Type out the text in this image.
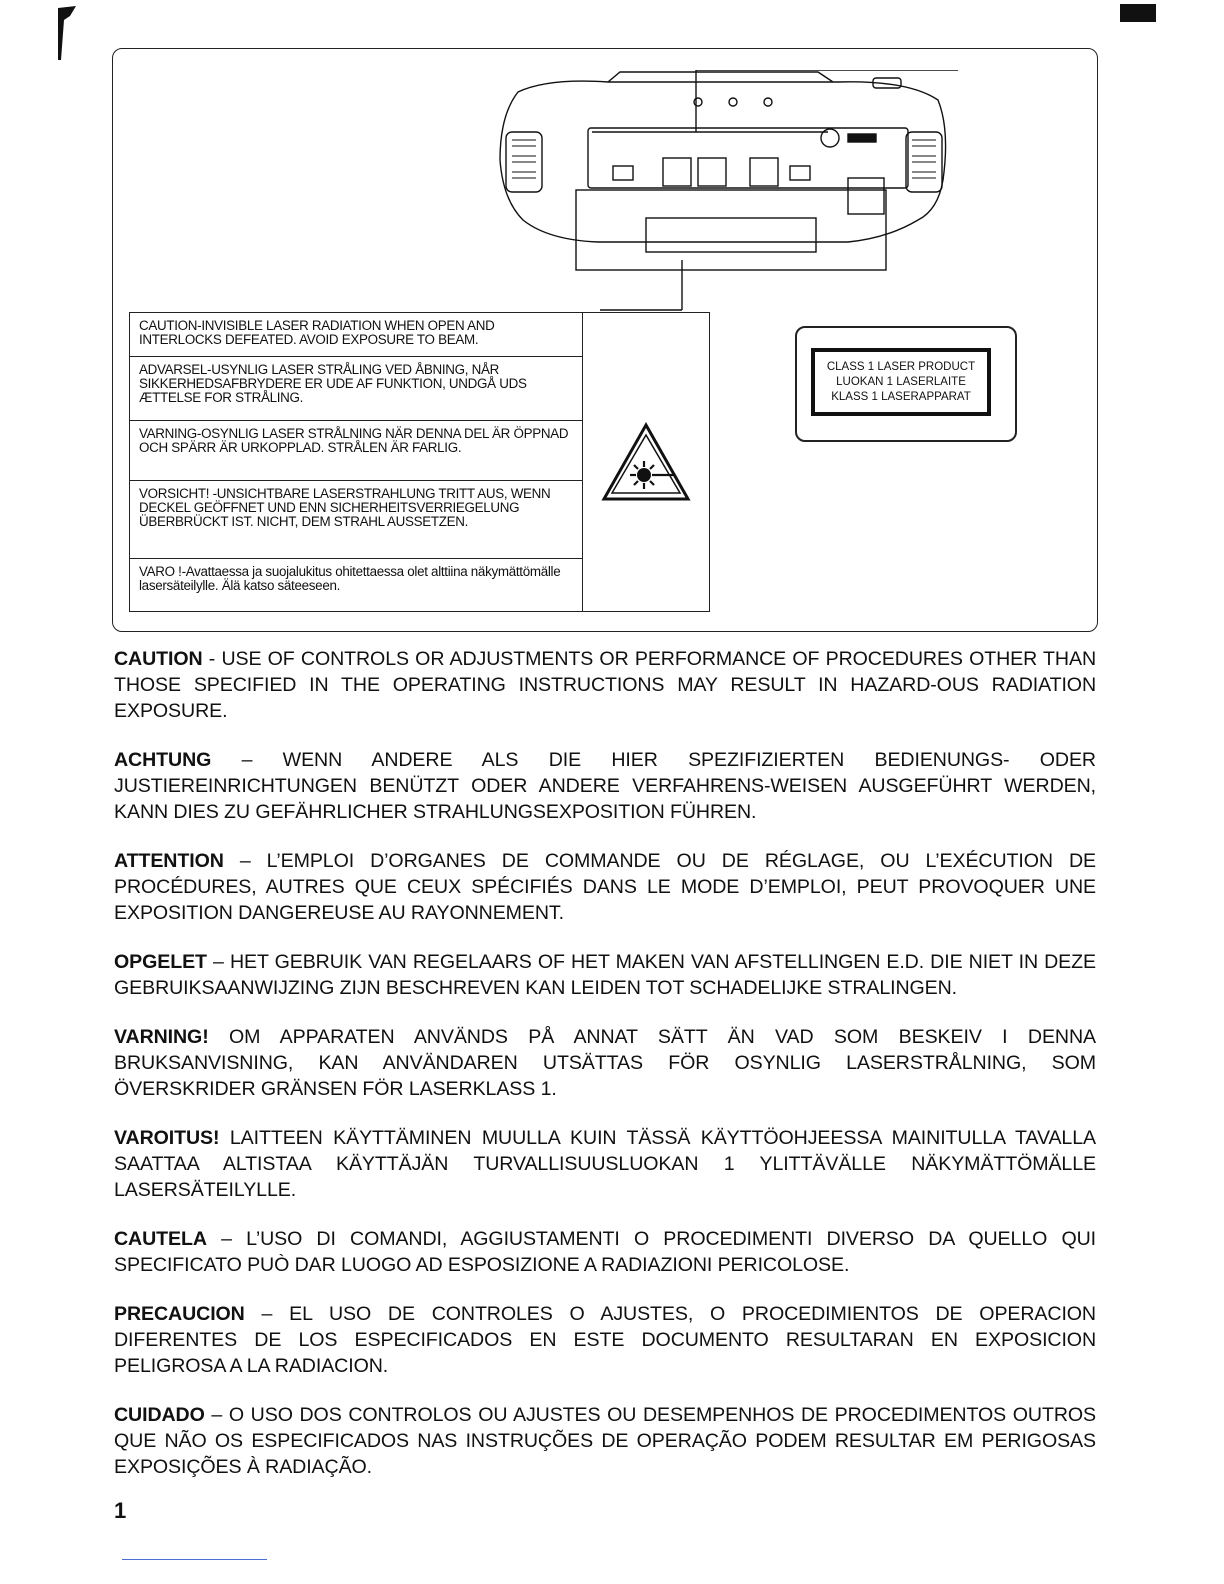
CAUTION-INVISIBLE LASER RADIATION WHEN OPEN AND INTERLOCKS DEFEATED. AVOID EXPOSURE TO BEAM.
ADVARSEL-USYNLIG LASER STRÅLING VED ÅBNING, NÅR SIKKERHEDSAFBRYDERE ER UDE AF FUNKTION, UNDGÅ UDS ÆTTELSE FOR STRÅLING.
VARNING-OSYNLIG LASER STRÅLNING NÄR DENNA DEL ÄR ÖPPNAD OCH SPÄRR ÄR URKOPPLAD. STRÅLEN ÄR FARLIG.
VORSICHT! -UNSICHTBARE LASERSTRAHLUNG TRITT AUS, WENN DECKEL GEÖFFNET UND ENN SICHERHEITSVERRIEGELUNG ÜBERBRÜCKT IST. NICHT, DEM STRAHL AUSSETZEN.
VARO !-Avattaessa ja suojalukitus ohitettaessa olet alttiina näkymättömälle lasersäteilylle. Älä katso säteeseen.
CLASS 1 LASER PRODUCT
LUOKAN 1 LASERLAITE
KLASS 1 LASERAPPARAT

CAUTION - USE OF CONTROLS OR ADJUSTMENTS OR PERFORMANCE OF PROCEDURES OTHER THAN THOSE SPECIFIED IN THE OPERATING INSTRUCTIONS MAY RESULT IN HAZARD-OUS RADIATION EXPOSURE.

ACHTUNG – WENN ANDERE ALS DIE HIER SPEZIFIZIERTEN BEDIENUNGS- ODER JUSTIEREINRICHTUNGEN BENÜTZT ODER ANDERE VERFAHRENS-WEISEN AUSGEFÜHRT WERDEN, KANN DIES ZU GEFÄHRLICHER STRAHLUNGSEXPOSITION FÜHREN.

ATTENTION – L’EMPLOI D’ORGANES DE COMMANDE OU DE RÉGLAGE, OU L’EXÉCUTION DE PROCÉDURES, AUTRES QUE CEUX SPÉCIFIÉS DANS LE MODE D’EMPLOI, PEUT PROVOQUER UNE EXPOSITION DANGEREUSE AU RAYONNEMENT.

OPGELET – HET GEBRUIK VAN REGELAARS OF HET MAKEN VAN AFSTELLINGEN E.D. DIE NIET IN DEZE GEBRUIKSAANWIJZING ZIJN BESCHREVEN KAN LEIDEN TOT SCHADELIJKE STRALINGEN.

VARNING! OM APPARATEN ANVÄNDS PÅ ANNAT SÄTT ÄN VAD SOM BESKEIV I DENNA BRUKSANVISNING, KAN ANVÄNDAREN UTSÄTTAS FÖR OSYNLIG LASERSTRÅLNING, SOM ÖVERSKRIDER GRÄNSEN FÖR LASERKLASS 1.

VAROITUS! LAITTEEN KÄYTTÄMINEN MUULLA KUIN TÄSSÄ KÄYTTÖOHJEESSA MAINITULLA TAVALLA SAATTAA ALTISTAA KÄYTTÄJÄN TURVALLISUUSLUOKAN 1 YLITTÄVÄLLE NÄKYMÄTTÖMÄLLE LASERSÄTEILYLLE.

CAUTELA – L’USO DI COMANDI, AGGIUSTAMENTI O PROCEDIMENTI DIVERSO DA QUELLO QUI SPECIFICATO PUÒ DAR LUOGO AD ESPOSIZIONE A RADIAZIONI PERICOLOSE.

PRECAUCION – EL USO DE CONTROLES O AJUSTES, O PROCEDIMIENTOS DE OPERACION DIFERENTES DE LOS ESPECIFICADOS EN ESTE DOCUMENTO RESULTARAN EN EXPOSICION PELIGROSA A LA RADIACION.

CUIDADO – O USO DOS CONTROLOS OU AJUSTES OU DESEMPENHOS DE PROCEDIMENTOS OUTROS QUE NÃO OS ESPECIFICADOS NAS INSTRUÇÕES DE OPERAÇÃO PODEM RESULTAR EM PERIGOSAS EXPOSIÇÕES À RADIAÇÃO.

1
